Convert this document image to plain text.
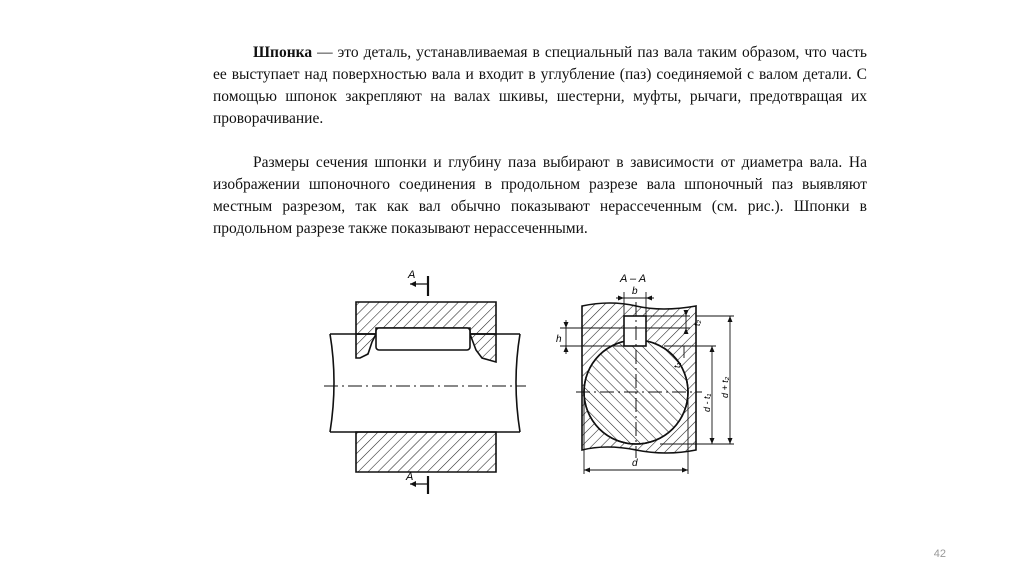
Шпонка — это деталь, устанавливаемая в специальный паз вала таким образом, что часть ее выступает над поверхностью вала и входит в углубление (паз) соединяемой с валом детали. С помощью шпонок закрепляют на валах шкивы, шестерни, муфты, рычаги, предотвращая их проворачивание.

Размеры сечения шпонки и глубину паза выбирают в зависимости от диаметра вала. На изображении шпоночного соединения в продольном разрезе вала шпоночный паз выявляют местным разрезом, так как вал обычно показывают нерассеченным (см. рис.). Шпонки в продольном разрезе также показывают нерассеченными.

A
A
A – A
b
h
t₂
t₁
d - t₁
d + t₂
d
42
